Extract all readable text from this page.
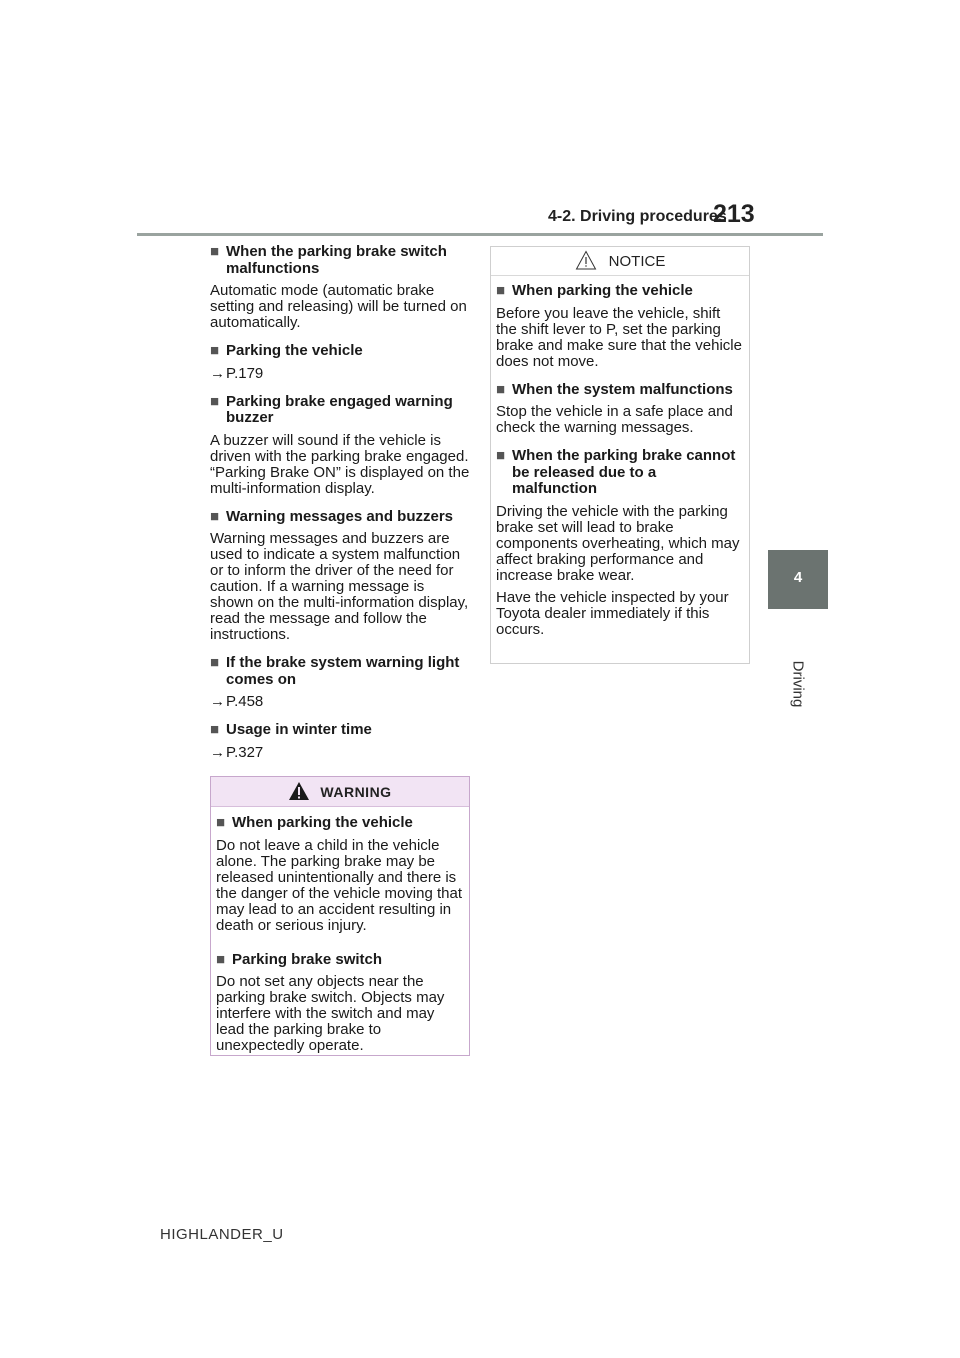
4-2. Driving procedures
213
4
Driving
■ When the parking brake switch malfunctions
Automatic mode (automatic brake setting and releasing) will be turned on automatically.
■ Parking the vehicle
→P.179
■ Parking brake engaged warning buzzer
A buzzer will sound if the vehicle is driven with the parking brake engaged. “Parking Brake ON” is displayed on the multi-information display.
■ Warning messages and buzzers
Warning messages and buzzers are used to indicate a system malfunction or to inform the driver of the need for caution. If a warning message is shown on the multi-information display, read the message and follow the instructions.
■ If the brake system warning light comes on
→P.458
■ Usage in winter time
→P.327
WARNING
■ When parking the vehicle
Do not leave a child in the vehicle alone. The parking brake may be released unintentionally and there is the danger of the vehicle moving that may lead to an accident resulting in death or serious injury.
■ Parking brake switch
Do not set any objects near the parking brake switch. Objects may interfere with the switch and may lead the parking brake to unexpectedly operate.
NOTICE
■ When parking the vehicle
Before you leave the vehicle, shift the shift lever to P, set the parking brake and make sure that the vehicle does not move.
■ When the system malfunctions
Stop the vehicle in a safe place and check the warning messages.
■ When the parking brake cannot be released due to a malfunction
Driving the vehicle with the parking brake set will lead to brake components overheating, which may affect braking performance and increase brake wear.
Have the vehicle inspected by your Toyota dealer immediately if this occurs.
HIGHLANDER_U
